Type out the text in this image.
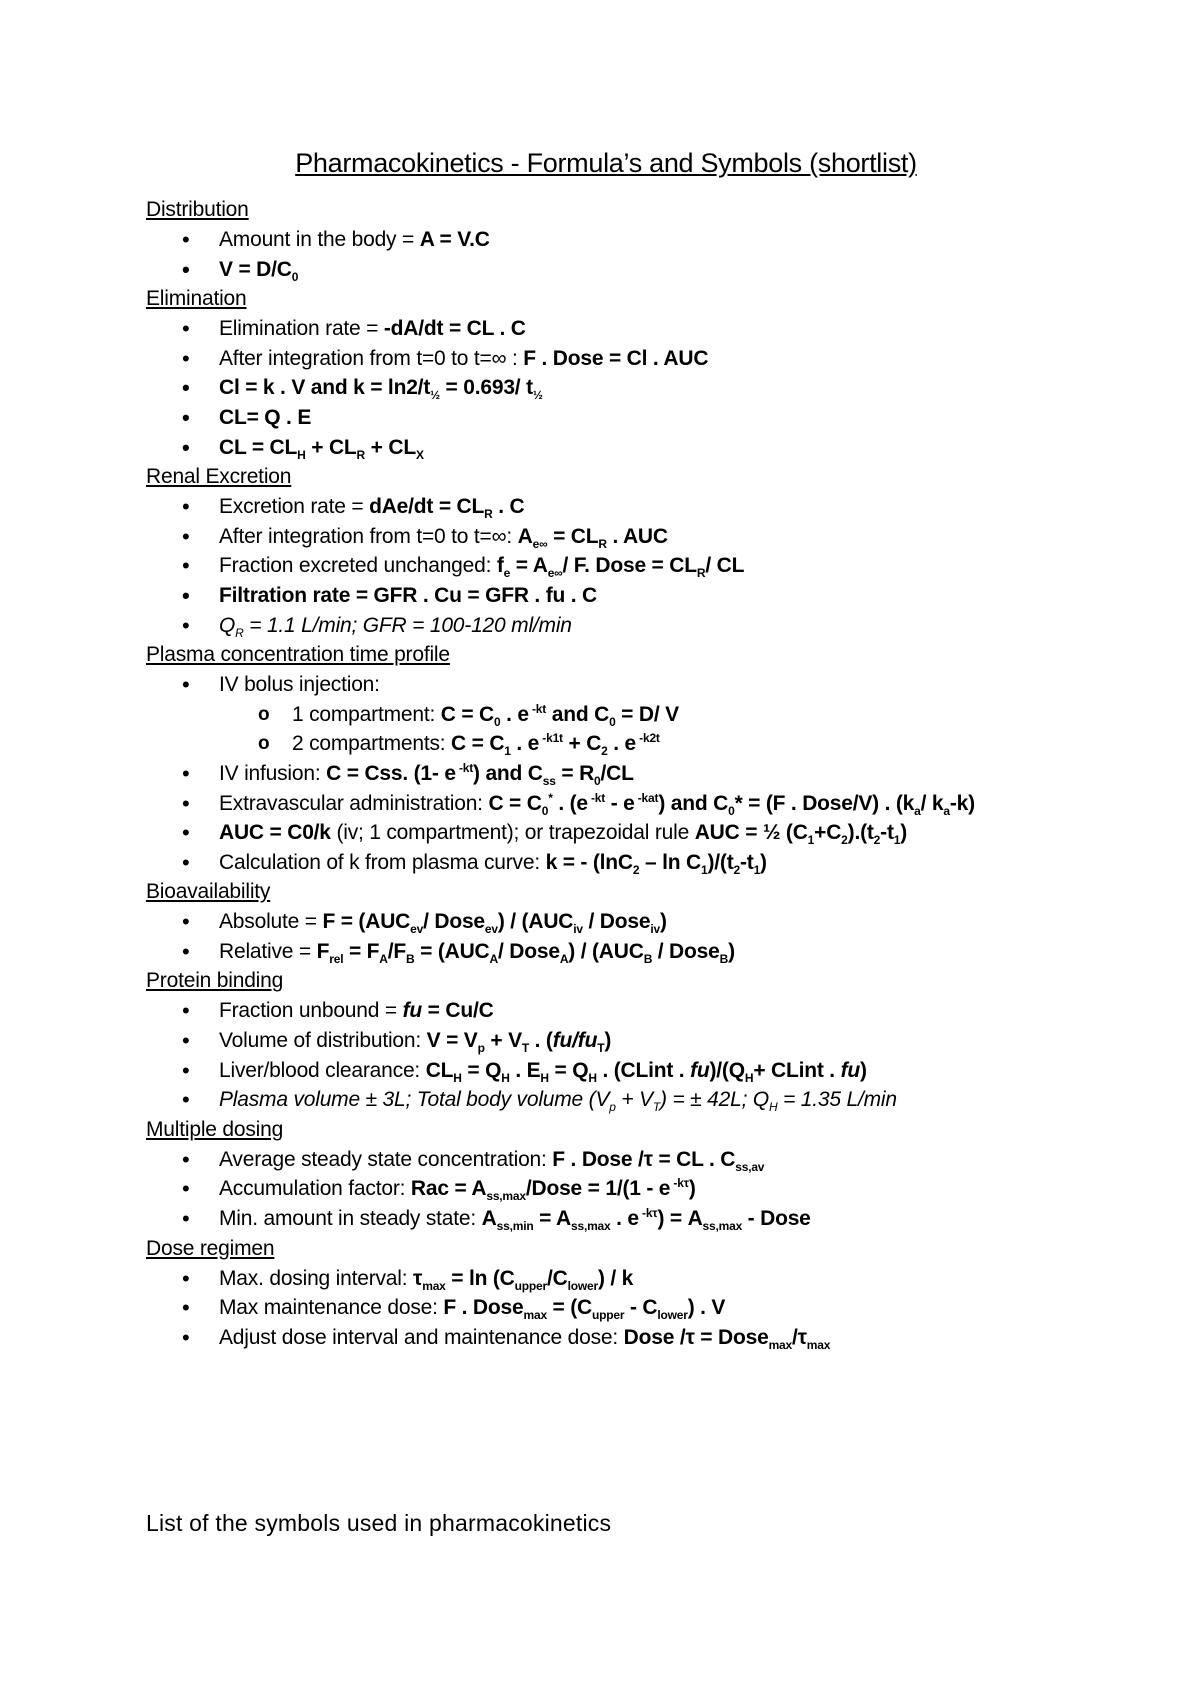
Pharmacokinetics - Formula’s and Symbols (shortlist)
Distribution
• Amount in the body = A = V.C
• $V = D/C_0$
Elimination
• Elimination rate = -dA/dt = CL . C
• After integration from t=0 to t=∞ : F . Dose = Cl . AUC
• Cl = k . V and $k = \ln 2/t_{\frac{1}{2}} = 0.693/$ $t_{\frac{1}{2}}$
• CL= Q . E
• CL = $CL_H + CL_R + CL_X$
Renal Excretion
• Excretion rate = $dAe/dt = CL_R$ . C
• After integration from t=0 to t=∞: $A_{e\infty} = CL_R$ . AUC
• Fraction excreted unchanged: $f_e = A_{e\infty}/$ F. Dose = $CL_R/$ CL
• Filtration rate = GFR . Cu = GFR . fu . C
• $Q_R = 1.1$ L/min; GFR = 100-120 ml/min
Plasma concentration time profile
• IV bolus injection:
o 1 compartment: $C = C_0$ . e $^{-kt}$ and $C_0 = D/$ V
o 2 compartments: $C = C_1$ . e $^{-k1t} + C_2$ . e $^{-k2t}$
• IV infusion: C = Css. (1- e $^{-kt}$) and $C_{ss} = R_0/CL$
• Extravascular administration: $C = C_0^*$ . (e $^{-kt}$ - e $^{-kat}$) and $C_0* = (F$ . Dose/V) . ($k_a/$ $k_a-k$)
• AUC = C0/k (iv; 1 compartment); or trapezoidal rule AUC = ½ $(C_1+C_2).(t_2-t_1)$
• Calculation of k from plasma curve: k = - $(\ln C_2 - \ln C_1)/(t_2-t_1)$
Bioavailability
• Absolute = $F = (AUC_{ev}/$ Dose$_{ev}$) / ($AUC_{iv}$ / Dose$_{iv}$)
• Relative = $F_{rel} = F_A/F_B = (AUC_A/$ Dose$_A$) / ($AUC_B$ / Dose$_B$)
Protein binding
• Fraction unbound = fu = Cu/C
• Volume of distribution: $V = V_p + V_T$ . $(fu/fu_T)$
• Liver/blood clearance: $CL_H = Q_H$ . $E_H = Q_H$ . (CLint . $fu)/(Q_H+$ CLint . fu)
• Plasma volume ± 3L; Total body volume $(V_p + V_T)$ = ± 42L; $Q_H = 1.35$ L/min
Multiple dosing
• Average steady state concentration: F . Dose /τ = CL . $C_{ss,av}$
• Accumulation factor: Rac = $A_{ss,max}$/Dose = 1/(1 - e $^{-k\tau}$)
• Min. amount in steady state: $A_{ss,min} = A_{ss,max}$ . e $^{-k\tau}) = A_{ss,max}$ - Dose
Dose regimen
• Max. dosing interval: $\tau_{max} = \ln (C_{upper}/C_{lower}) / k$
• Max maintenance dose: F . Dose$_{max}$ = $(C_{upper} - C_{lower})$ . V
• Adjust dose interval and maintenance dose: Dose $/\tau = Dose_{max}/\tau_{max}$
List of the symbols used in pharmacokinetics
